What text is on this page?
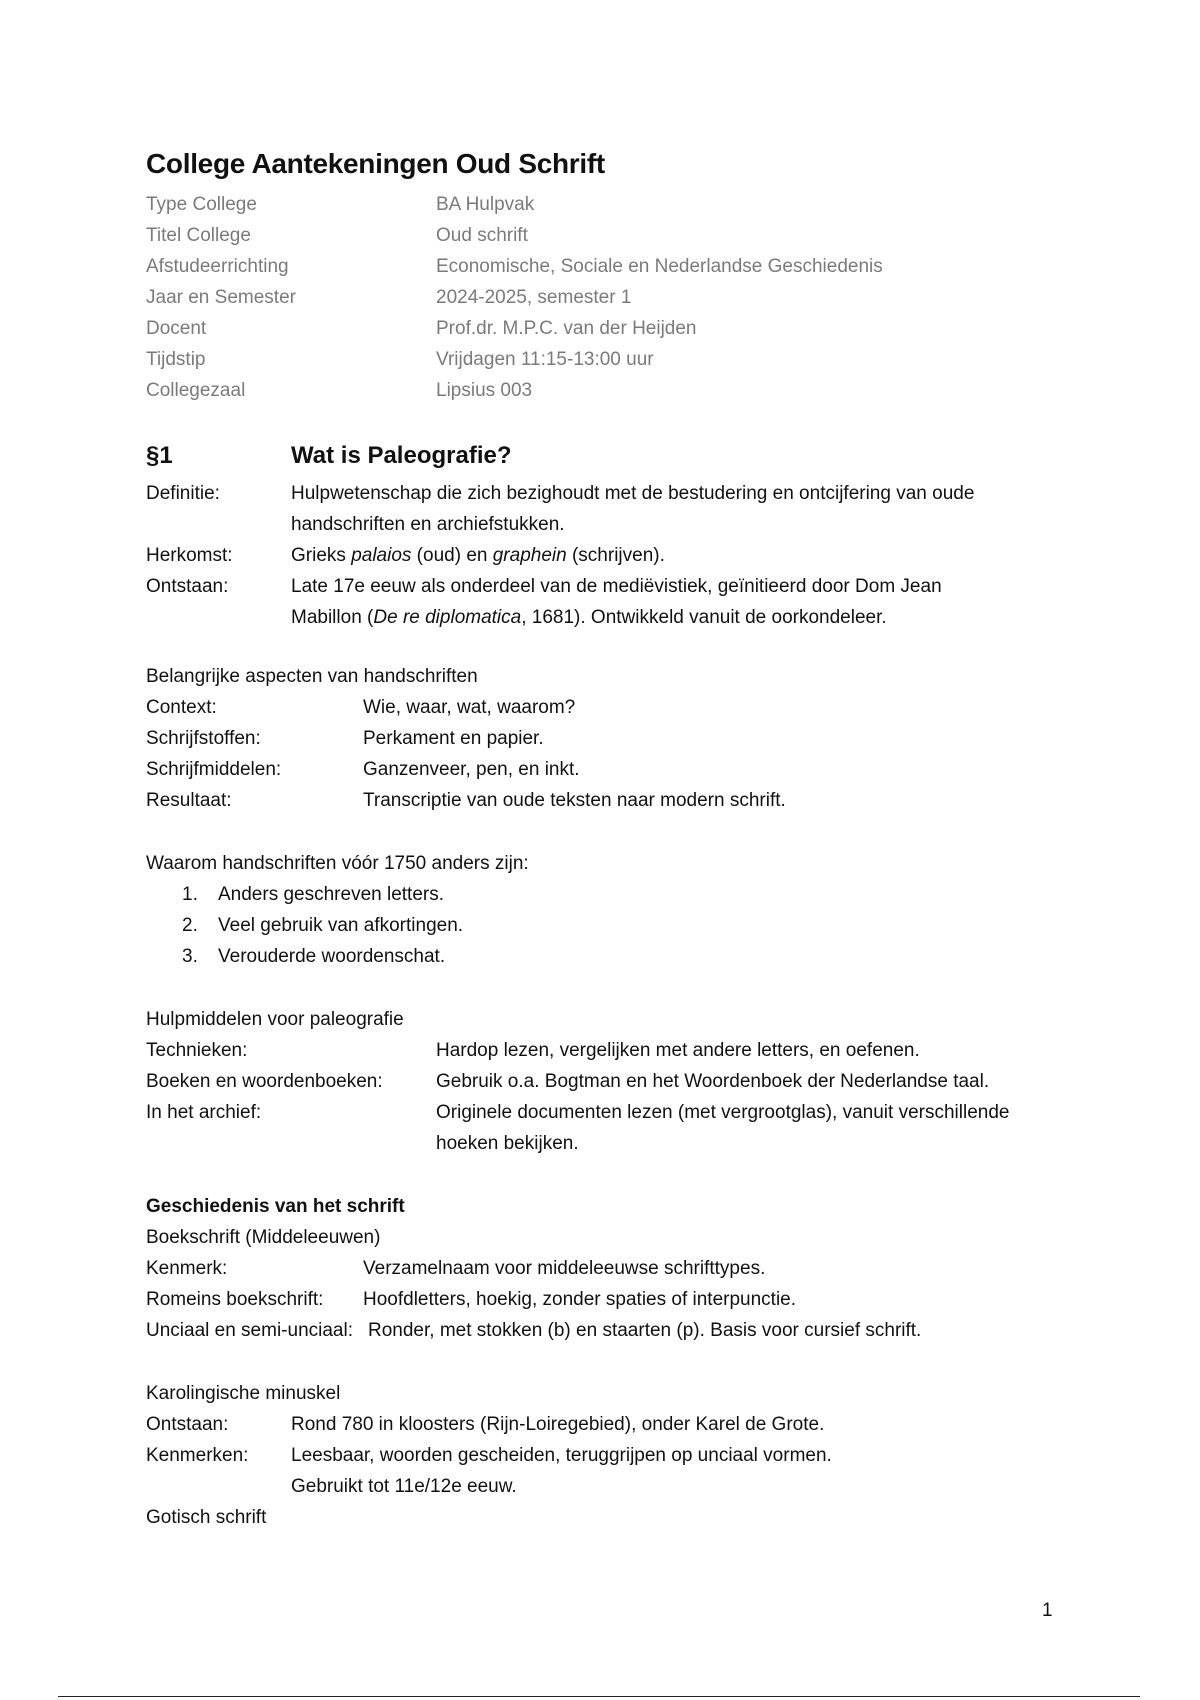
College Aantekeningen Oud Schrift
Type College	BA Hulpvak
Titel College	Oud schrift
Afstudeerrichting	Economische, Sociale en Nederlandse Geschiedenis
Jaar en Semester	2024-2025, semester 1
Docent	Prof.dr. M.P.C. van der Heijden
Tijdstip	Vrijdagen 11:15-13:00 uur
Collegezaal	Lipsius 003
§1	Wat is Paleografie?
Definitie:	Hulpwetenschap die zich bezighoudt met de bestudering en ontcijfering van oude
handschriften en archiefstukken.
Herkomst:	Grieks palaios (oud) en graphein (schrijven).
Ontstaan:	Late 17e eeuw als onderdeel van de mediëvistiek, geïnitieerd door Dom Jean
Mabillon (De re diplomatica, 1681). Ontwikkeld vanuit de oorkondeleer.
Belangrijke aspecten van handschriften
Context:	Wie, waar, wat, waarom?
Schrijfstoffen:	Perkament en papier.
Schrijfmiddelen:	Ganzenveer, pen, en inkt.
Resultaat:	Transcriptie van oude teksten naar modern schrift.
Waarom handschriften vóór 1750 anders zijn:
1. Anders geschreven letters.
2. Veel gebruik van afkortingen.
3. Verouderde woordenschat.
Hulpmiddelen voor paleografie
Technieken:	Hardop lezen, vergelijken met andere letters, en oefenen.
Boeken en woordenboeken:	Gebruik o.a. Bogtman en het Woordenboek der Nederlandse taal.
In het archief:	Originele documenten lezen (met vergrootglas), vanuit verschillende
hoeken bekijken.
Geschiedenis van het schrift
Boekschrift (Middeleeuwen)
Kenmerk:	Verzamelnaam voor middeleeuwse schrifttypes.
Romeins boekschrift: Hoofdletters, hoekig, zonder spaties of interpunctie.
Unciaal en semi-unciaal: Ronder, met stokken (b) en staarten (p). Basis voor cursief schrift.
Karolingische minuskel
Ontstaan:	Rond 780 in kloosters (Rijn-Loiregebied), onder Karel de Grote.
Kenmerken: Leesbaar, woorden gescheiden, teruggrijpen op unciaal vormen.
Gebruikt tot 11e/12e eeuw.
Gotisch schrift
1
